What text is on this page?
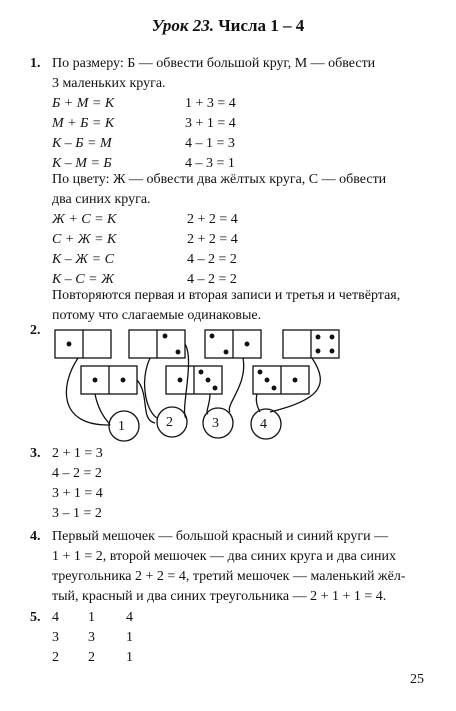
Урок 23. Числа 1 – 4
1. По размеру: Б — обвести большой круг, М — обвести
3 маленьких круга.
Б + М = К	1 + 3 = 4
М + Б = К	3 + 1 = 4
К – Б = М	4 – 1 = 3
К – М = Б	4 – 3 = 1
По цвету: Ж — обвести два жёлтых круга, С — обвести
два синих круга.
Ж + С = К	2 + 2 = 4
С + Ж = К	2 + 2 = 4
К – Ж = С	4 – 2 = 2
К – С = Ж	4 – 2 = 2
Повторяются первая и вторая записи и третья и четвёртая,
потому что слагаемые одинаковые.
2.
1	2	3	4
3. 2 + 1 = 3
4 – 2 = 2
3 + 1 = 4
3 – 1 = 2
4. Первый мешочек — большой красный и синий круги —
1 + 1 = 2, второй мешочек — два синих круга и два синих
треугольника 2 + 2 = 4, третий мешочек — маленький жёл-
тый, красный и два синих треугольника — 2 + 1 + 1 = 4.
5. 4 1 4
3 3 1
2 2 1
25
